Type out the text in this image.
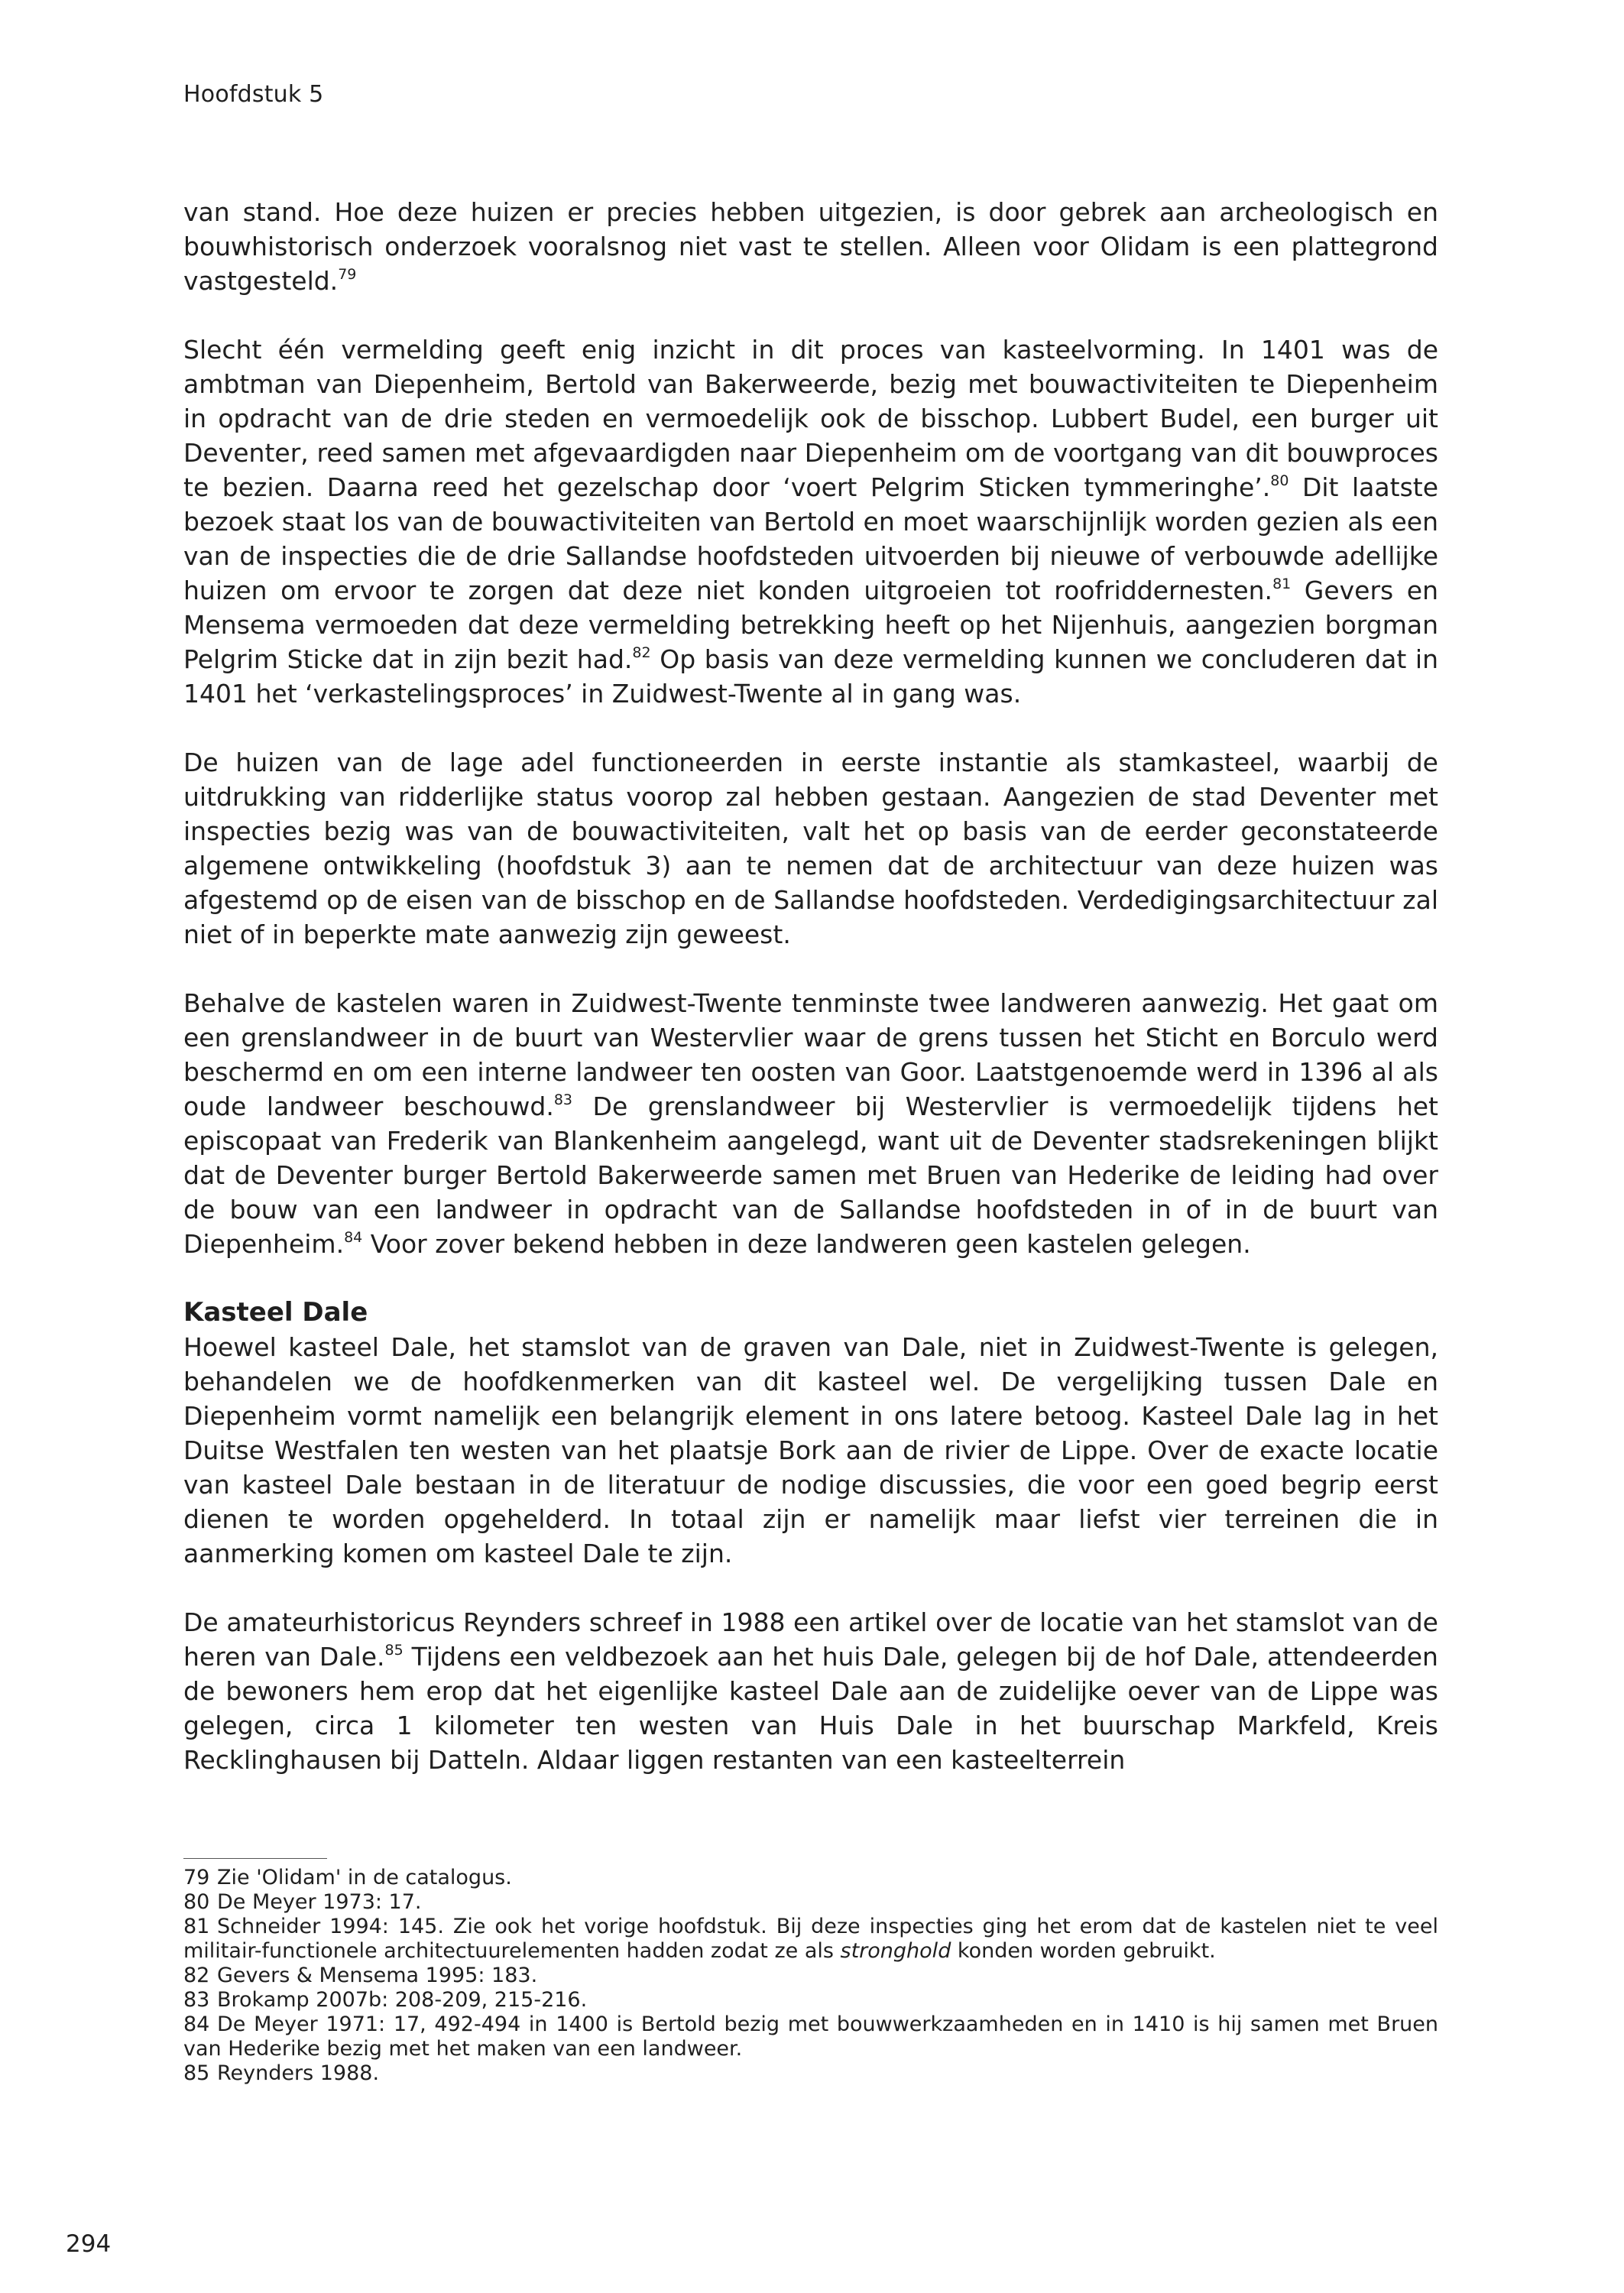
Hoofdstuk 5

van stand. Hoe deze huizen er precies hebben uitgezien, is door gebrek aan archeologisch en bouwhistorisch onderzoek vooralsnog niet vast te stellen. Alleen voor Olidam is een plattegrond vastgesteld.$^{79}$

Slecht één vermelding geeft enig inzicht in dit proces van kasteelvorming. In 1401 was de ambtman van Diepenheim, Bertold van Bakerweerde, bezig met bouwactiviteiten te Diepenheim in opdracht van de drie steden en vermoedelijk ook de bisschop. Lubbert Budel, een burger uit Deventer, reed samen met afgevaardigden naar Diepenheim om de voortgang van dit bouwproces te bezien. Daarna reed het gezelschap door ‘voert Pelgrim Sticken tymmeringhe’.$^{80}$ Dit laatste bezoek staat los van de bouwactiviteiten van Bertold en moet waarschijnlijk worden gezien als een van de inspecties die de drie Sallandse hoofdsteden uitvoerden bij nieuwe of verbouwde adellijke huizen om ervoor te zorgen dat deze niet konden uitgroeien tot roofriddernesten.$^{81}$ Gevers en Mensema vermoeden dat deze vermelding betrekking heeft op het Nijenhuis, aangezien borgman Pelgrim Sticke dat in zijn bezit had.$^{82}$ Op basis van deze vermelding kunnen we concluderen dat in 1401 het ‘verkastelingsproces’ in Zuidwest-Twente al in gang was.

De huizen van de lage adel functioneerden in eerste instantie als stamkasteel, waarbij de uitdrukking van ridderlijke status voorop zal hebben gestaan. Aangezien de stad Deventer met inspecties bezig was van de bouwactiviteiten, valt het op basis van de eerder geconstateerde algemene ontwikkeling (hoofdstuk 3) aan te nemen dat de architectuur van deze huizen was afgestemd op de eisen van de bisschop en de Sallandse hoofdsteden. Verdedigingsarchitectuur zal niet of in beperkte mate aanwezig zijn geweest.

Behalve de kastelen waren in Zuidwest-Twente tenminste twee landweren aanwezig. Het gaat om een grenslandweer in de buurt van Westervlier waar de grens tussen het Sticht en Borculo werd beschermd en om een interne landweer ten oosten van Goor. Laatstgenoemde werd in 1396 al als oude landweer beschouwd.$^{83}$ De grenslandweer bij Westervlier is vermoedelijk tijdens het episcopaat van Frederik van Blankenheim aangelegd, want uit de Deventer stadsrekeningen blijkt dat de Deventer burger Bertold Bakerweerde samen met Bruen van Hederike de leiding had over de bouw van een landweer in opdracht van de Sallandse hoofdsteden in of in de buurt van Diepenheim.$^{84}$ Voor zover bekend hebben in deze landweren geen kastelen gelegen.

Kasteel Dale

Hoewel kasteel Dale, het stamslot van de graven van Dale, niet in Zuidwest-Twente is gelegen, behandelen we de hoofdkenmerken van dit kasteel wel. De vergelijking tussen Dale en Diepenheim vormt namelijk een belangrijk element in ons latere betoog. Kasteel Dale lag in het Duitse Westfalen ten westen van het plaatsje Bork aan de rivier de Lippe. Over de exacte locatie van kasteel Dale bestaan in de literatuur de nodige discussies, die voor een goed begrip eerst dienen te worden opgehelderd. In totaal zijn er namelijk maar liefst vier terreinen die in aanmerking komen om kasteel Dale te zijn.

De amateurhistoricus Reynders schreef in 1988 een artikel over de locatie van het stamslot van de heren van Dale.$^{85}$ Tijdens een veldbezoek aan het huis Dale, gelegen bij de hof Dale, attendeerden de bewoners hem erop dat het eigenlijke kasteel Dale aan de zuidelijke oever van de Lippe was gelegen, circa 1 kilometer ten westen van Huis Dale in het buurschap Markfeld, Kreis Recklinghausen bij Datteln. Aldaar liggen restanten van een kasteelterrein

79 Zie 'Olidam' in de catalogus.

80 De Meyer 1973: 17.

81 Schneider 1994: 145. Zie ook het vorige hoofdstuk. Bij deze inspecties ging het erom dat de kastelen niet te veel militair-functionele architectuurelementen hadden zodat ze als stronghold konden worden gebruikt.

82 Gevers & Mensema 1995: 183.

83 Brokamp 2007b: 208-209, 215-216.

84 De Meyer 1971: 17, 492-494 in 1400 is Bertold bezig met bouwwerkzaamheden en in 1410 is hij samen met Bruen van Hederike bezig met het maken van een landweer.

85 Reynders 1988.

294
